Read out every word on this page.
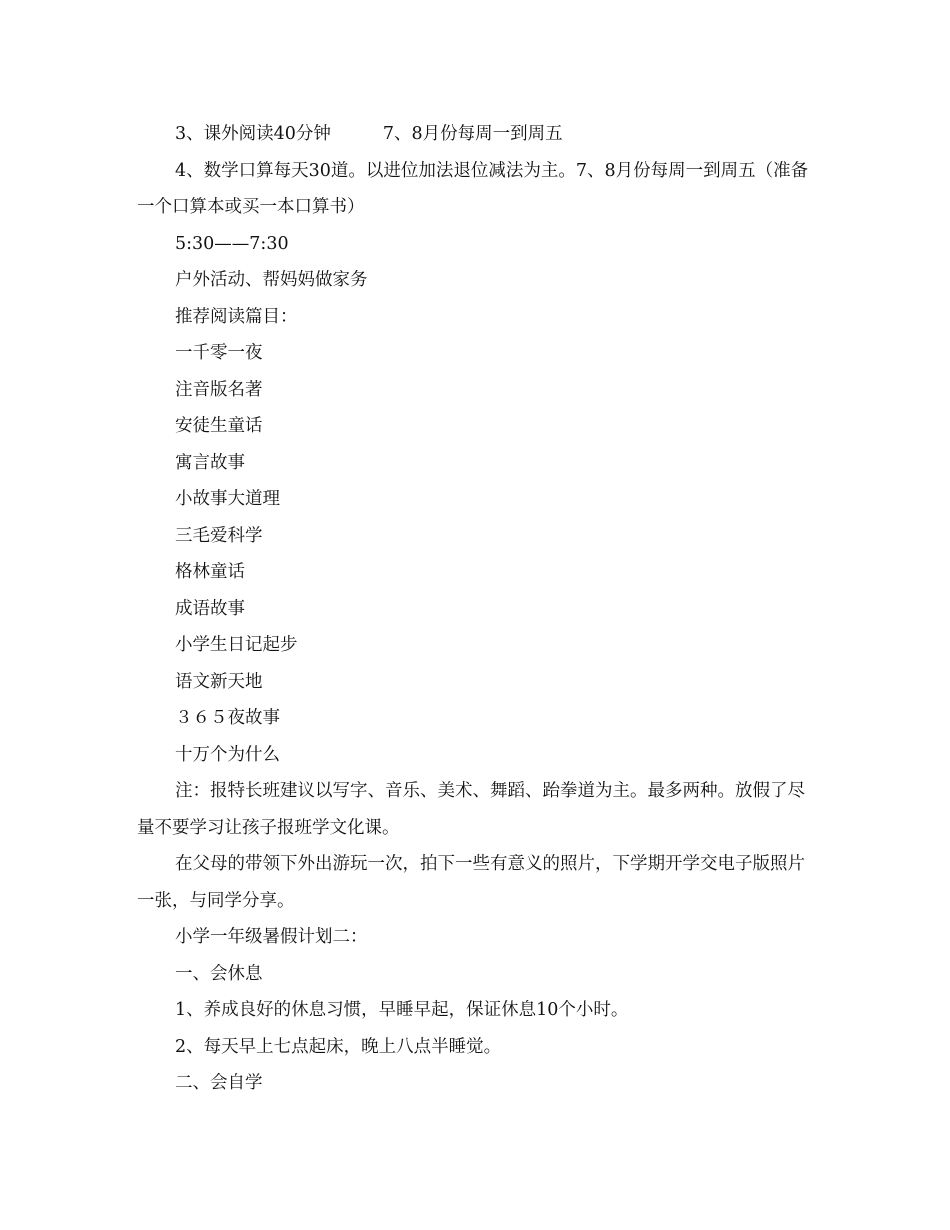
3、课外阅读40分钟	7、8月份每周一到周五

4、数学口算每天30道。以进位加法退位减法为主。7、8月份每周一到周五（准备一个口算本或买一本口算书）

5:30——7:30

户外活动、帮妈妈做家务

推荐阅读篇目：

一千零一夜

注音版名著

安徒生童话

寓言故事

小故事大道理

三毛爱科学

格林童话

成语故事

小学生日记起步

语文新天地

３６５夜故事

十万个为什么

注：报特长班建议以写字、音乐、美术、舞蹈、跆拳道为主。最多两种。放假了尽量不要学习让孩子报班学文化课。

在父母的带领下外出游玩一次，拍下一些有意义的照片，下学期开学交电子版照片一张，与同学分享。

小学一年级暑假计划二：

一、会休息

1、养成良好的休息习惯，早睡早起，保证休息10个小时。

2、每天早上七点起床，晚上八点半睡觉。

二、会自学
